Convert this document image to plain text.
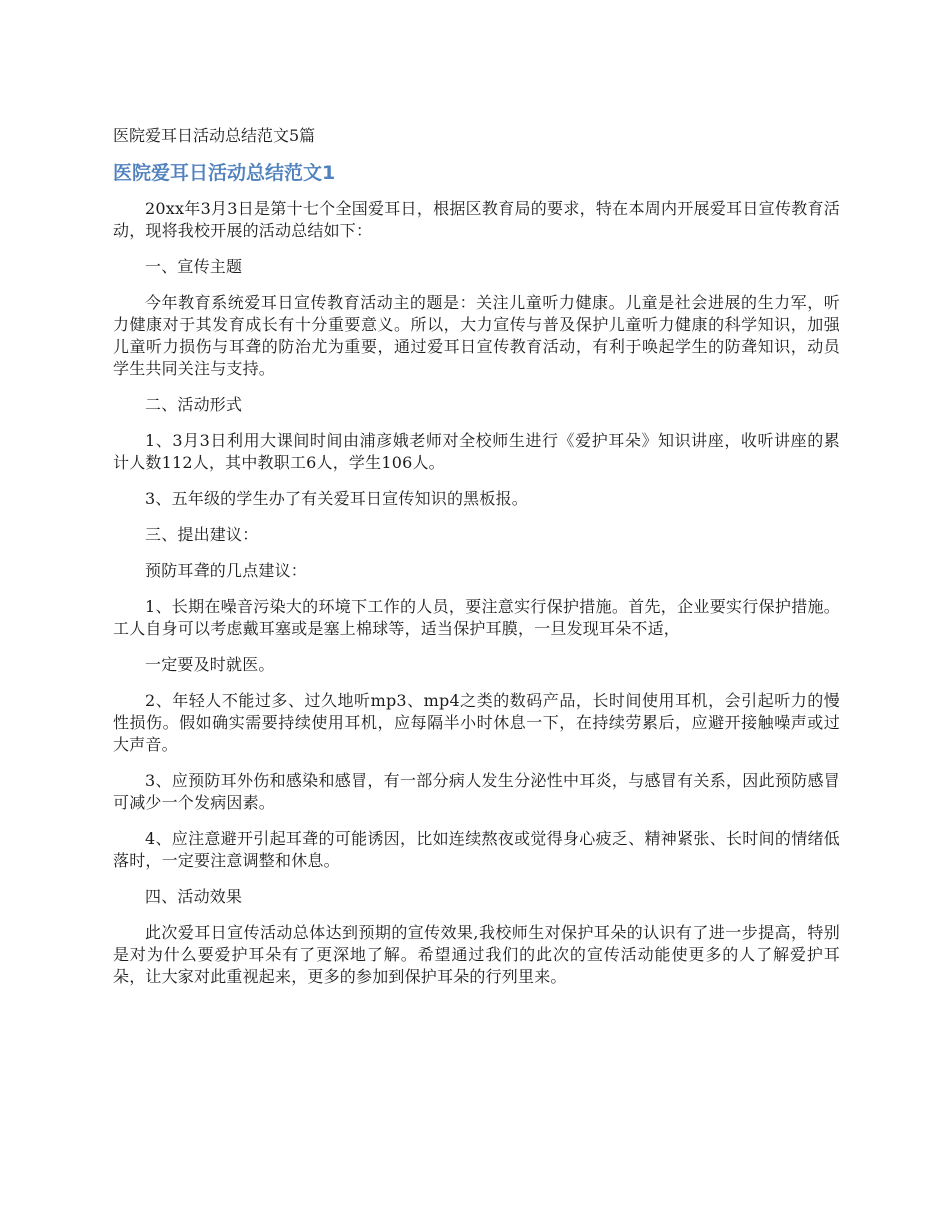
医院爱耳日活动总结范文5篇
医院爱耳日活动总结范文1

20xx年3月3日是第十七个全国爱耳日，根据区教育局的要求，特在本周内开展爱耳日宣传教育活动，现将我校开展的活动总结如下：

一、宣传主题

今年教育系统爱耳日宣传教育活动主的题是：关注儿童听力健康。儿童是社会进展的生力军，听力健康对于其发育成长有十分重要意义。所以，大力宣传与普及保护儿童听力健康的科学知识，加强儿童听力损伤与耳聋的防治尤为重要，通过爱耳日宣传教育活动，有利于唤起学生的防聋知识，动员学生共同关注与支持。

二、活动形式

1、3月3日利用大课间时间由浦彦娥老师对全校师生进行《爱护耳朵》知识讲座，收听讲座的累计人数112人，其中教职工6人，学生106人。

3、五年级的学生办了有关爱耳日宣传知识的黑板报。

三、提出建议：

预防耳聋的几点建议：

1、长期在噪音污染大的环境下工作的人员，要注意实行保护措施。首先，企业要实行保护措施。工人自身可以考虑戴耳塞或是塞上棉球等，适当保护耳膜，一旦发现耳朵不适，

一定要及时就医。

2、年轻人不能过多、过久地听mp3、mp4之类的数码产品，长时间使用耳机，会引起听力的慢性损伤。假如确实需要持续使用耳机，应每隔半小时休息一下，在持续劳累后，应避开接触噪声或过大声音。

3、应预防耳外伤和感染和感冒，有一部分病人发生分泌性中耳炎，与感冒有关系，因此预防感冒可减少一个发病因素。

4、应注意避开引起耳聋的可能诱因，比如连续熬夜或觉得身心疲乏、精神紧张、长时间的情绪低落时，一定要注意调整和休息。

四、活动效果

此次爱耳日宣传活动总体达到预期的宣传效果,我校师生对保护耳朵的认识有了进一步提高，特别是对为什么要爱护耳朵有了更深地了解。希望通过我们的此次的宣传活动能使更多的人了解爱护耳朵，让大家对此重视起来，更多的参加到保护耳朵的行列里来。
